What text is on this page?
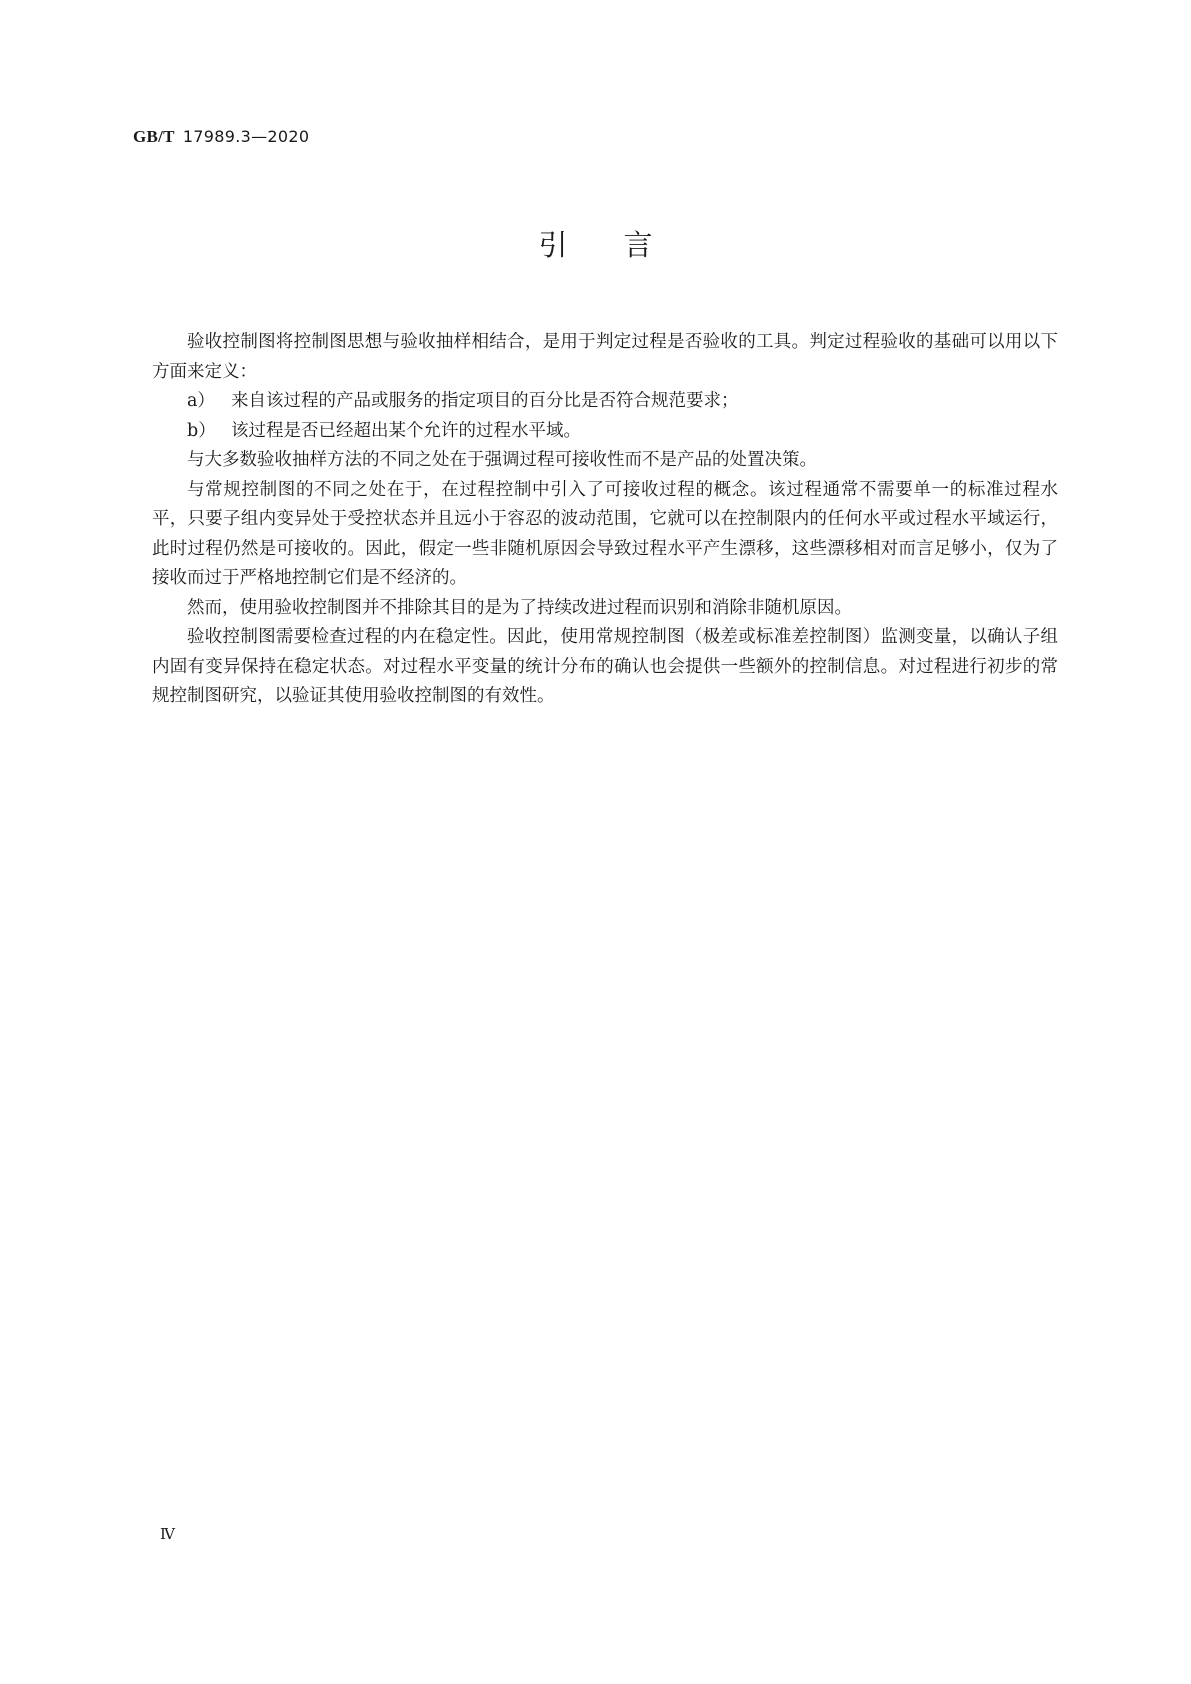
GB/T 17989.3—2020
引言

验收控制图将控制图思想与验收抽样相结合，是用于判定过程是否验收的工具。判定过程验收的基础可以用以下方面来定义：

a） 来自该过程的产品或服务的指定项目的百分比是否符合规范要求；

b） 该过程是否已经超出某个允许的过程水平域。

与大多数验收抽样方法的不同之处在于强调过程可接收性而不是产品的处置决策。

与常规控制图的不同之处在于，在过程控制中引入了可接收过程的概念。该过程通常不需要单一的标准过程水平，只要子组内变异处于受控状态并且远小于容忍的波动范围，它就可以在控制限内的任何水平或过程水平域运行，此时过程仍然是可接收的。因此，假定一些非随机原因会导致过程水平产生漂移，这些漂移相对而言足够小，仅为了接收而过于严格地控制它们是不经济的。

然而，使用验收控制图并不排除其目的是为了持续改进过程而识别和消除非随机原因。

验收控制图需要检查过程的内在稳定性。因此，使用常规控制图（极差或标准差控制图）监测变量，以确认子组内固有变异保持在稳定状态。对过程水平变量的统计分布的确认也会提供一些额外的控制信息。对过程进行初步的常规控制图研究，以验证其使用验收控制图的有效性。

Ⅳ
